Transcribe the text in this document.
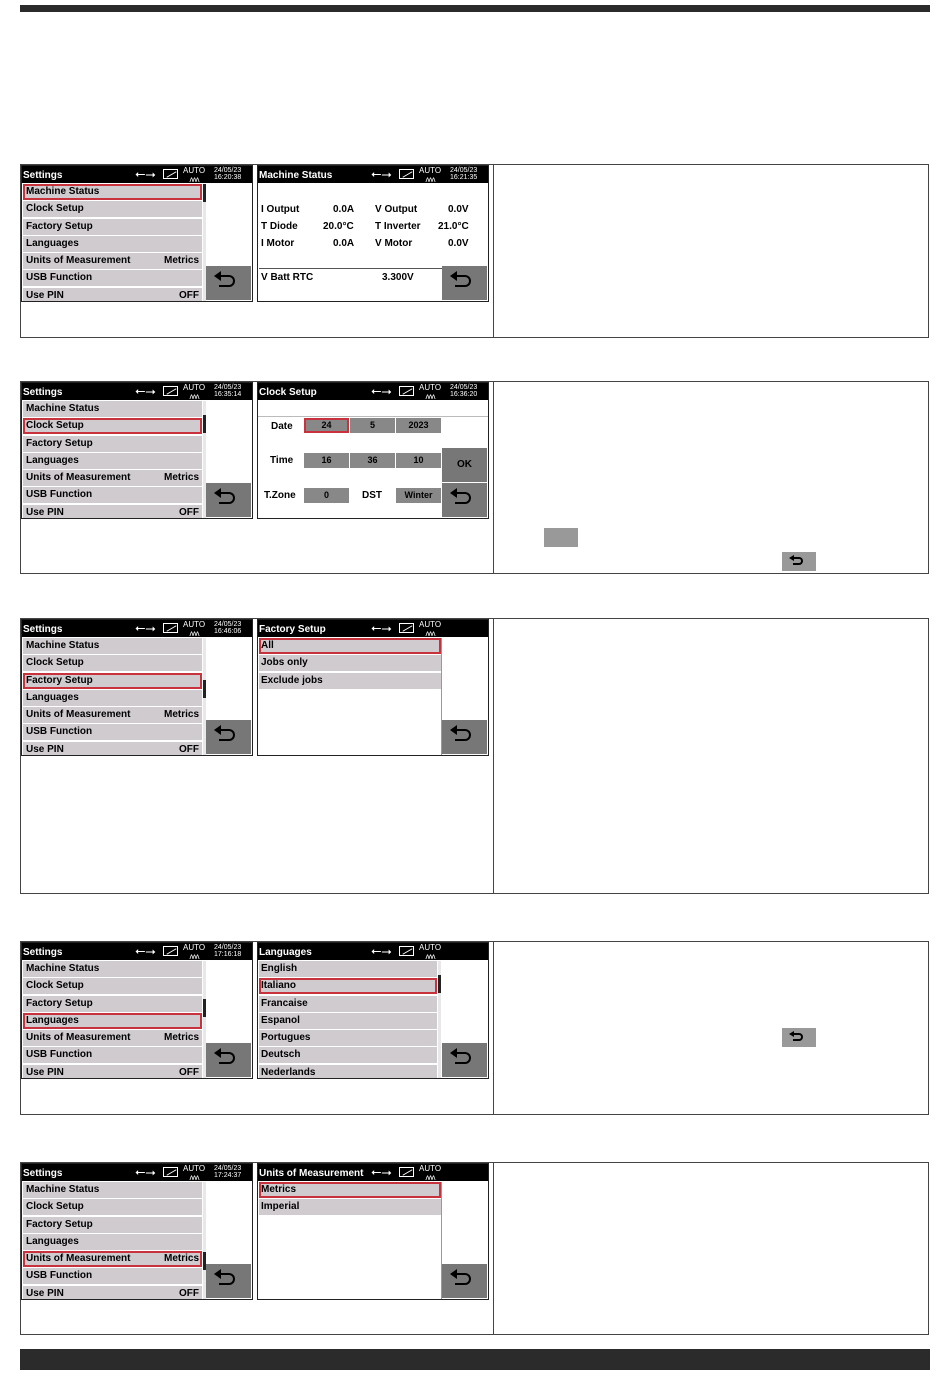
Settings	⭠⭢	AUTO
ʌʌʌ
24/05/23
16:20:38
Machine Status
Clock Setup
Factory Setup
Languages
Units of Measurement	Metrics
USB Function
Use PIN	OFF
Machine Status	⭠⭢	AUTO
ʌʌʌ
24/05/23
16:21:35
I Output	0.0A V Output	0.0V
T Diode	20.0°C T Inverter 21.0°C
I Motor	0.0A V Motor	0.0V
V Batt RTC	3.300V
Settings	⭠⭢	AUTO
ʌʌʌ
24/05/23
16:35:14
Machine Status
Clock Setup
Factory Setup
Languages
Units of Measurement	Metrics
USB Function
Use PIN	OFF
Clock Setup	⭠⭢	AUTO
ʌʌʌ
24/05/23
16:36:20
Date	24	5	2023
Time	16	36	10
T.Zone	0	DST	Winter
OK
Settings	⭠⭢	AUTO
ʌʌʌ
24/05/23
16:46:06
Machine Status
Clock Setup
Factory Setup
Languages
Units of Measurement	Metrics
USB Function
Use PIN	OFF
Factory Setup	⭠⭢	AUTO
ʌʌʌ
All
Jobs only
Exclude jobs
Settings	⭠⭢	AUTO
ʌʌʌ
24/05/23
17:16:18
Machine Status
Clock Setup
Factory Setup
Languages
Units of Measurement	Metrics
USB Function
Use PIN	OFF
Languages	⭠⭢	AUTO
ʌʌʌ
English
Italiano
Francaise
Espanol
Portugues
Deutsch
Nederlands
Settings	⭠⭢	AUTO
ʌʌʌ
24/05/23
17:24:37
Machine Status
Clock Setup
Factory Setup
Languages
Units of Measurement	Metrics
USB Function
Use PIN	OFF
Units of Measurement ⭠⭢	AUTO
ʌʌʌ
Metrics
Imperial
